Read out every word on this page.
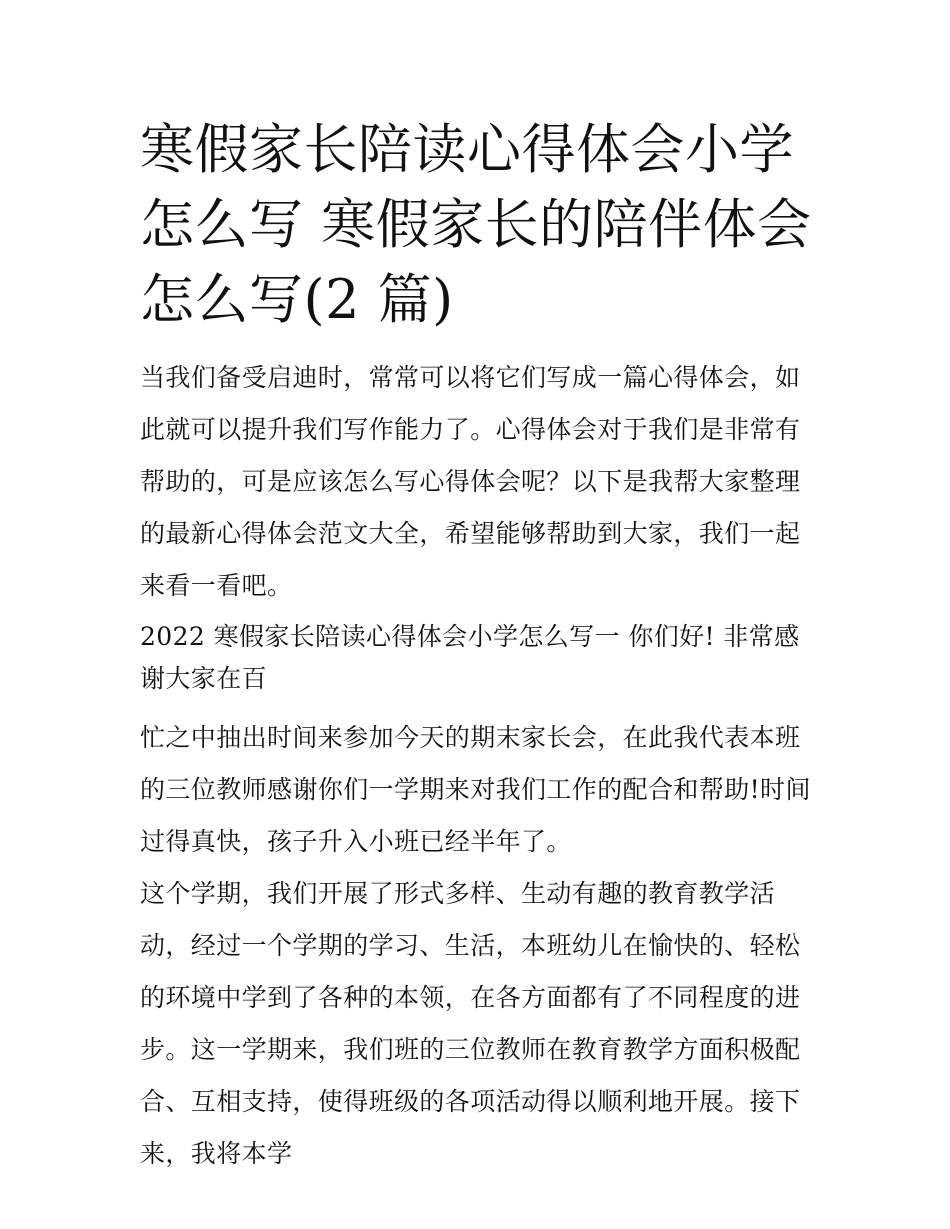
寒假家长陪读心得体会小学怎么写 寒假家长的陪伴体会怎么写(2 篇)

当我们备受启迪时，常常可以将它们写成一篇心得体会，如此就可以提升我们写作能力了。心得体会对于我们是非常有帮助的，可是应该怎么写心得体会呢？以下是我帮大家整理的最新心得体会范文大全，希望能够帮助到大家，我们一起来看一看吧。

2022 寒假家长陪读心得体会小学怎么写一 你们好! 非常感谢大家在百

忙之中抽出时间来参加今天的期末家长会，在此我代表本班的三位教师感谢你们一学期来对我们工作的配合和帮助!时间过得真快，孩子升入小班已经半年了。

这个学期，我们开展了形式多样、生动有趣的教育教学活动，经过一个学期的学习、生活，本班幼儿在愉快的、轻松的环境中学到了各种的本领，在各方面都有了不同程度的进步。这一学期来，我们班的三位教师在教育教学方面积极配合、互相支持，使得班级的各项活动得以顺利地开展。接下来，我将本学
